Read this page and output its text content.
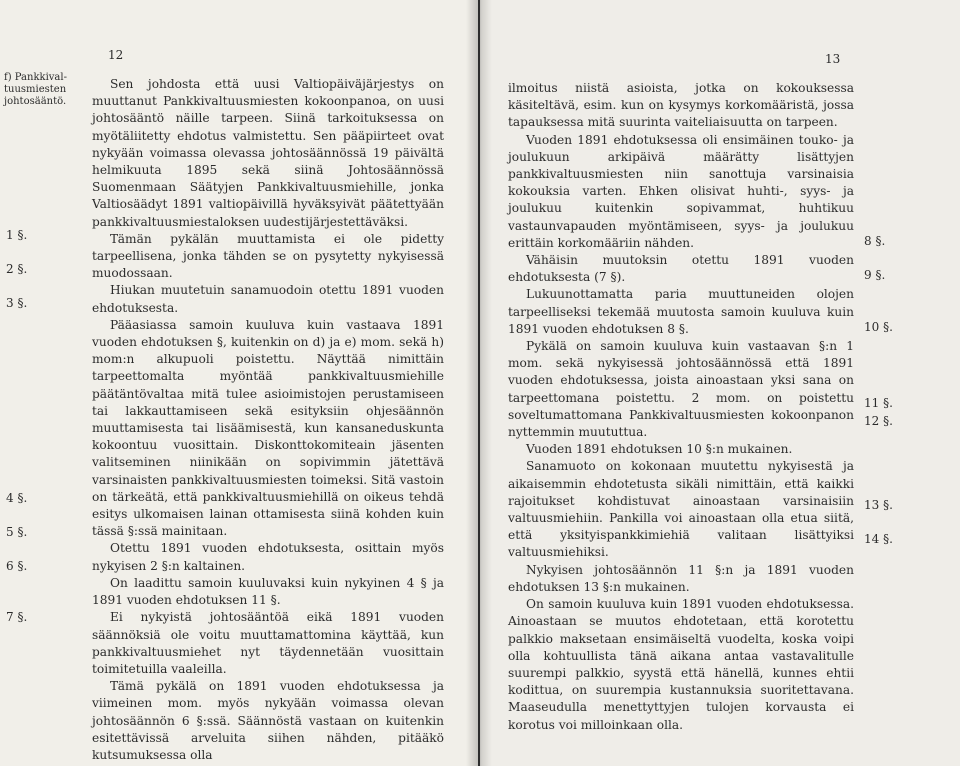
12
f) Pankkival-tuusmiesten johtosääntö.
1 §.
2 §.
3 §.
4 §.
5 §.
6 §.
7 §.

Sen johdosta että uusi Valtiopäiväjärjestys on muuttanut Pankkivaltuusmiesten kokoonpanoa, on uusi johtosääntö näille tarpeen. Siinä tarkoituksessa on myötäliitetty ehdotus valmistettu. Sen pääpiirteet ovat nykyään voimassa olevassa johtosäännössä 19 päivältä helmikuuta 1895 sekä siinä Johtosäännössä Suomenmaan Säätyjen Pankkivaltuusmiehille, jonka Valtiosäädyt 1891 valtiopäivillä hyväksyivät päätettyään pankkivaltuusmiestaloksen uudestijärjestettäväksi.

Tämän pykälän muuttamista ei ole pidetty tarpeellisena, jonka tähden se on pysytetty nykyisessä muodossaan.

Hiukan muutetuin sanamuodoin otettu 1891 vuoden ehdotuksesta.

Pääasiassa samoin kuuluva kuin vastaava 1891 vuoden ehdotuksen §, kuitenkin on d) ja e) mom. sekä h) mom:n alkupuoli poistettu. Näyttää nimittäin tarpeettomalta myöntää pankkivaltuusmiehille päätäntövaltaa mitä tulee asioimistojen perustamiseen tai lakkauttamiseen sekä esityksiin ohjesäännön muuttamisesta tai lisäämisestä, kun kansaneduskunta kokoontuu vuosittain. Diskonttokomiteain jäsenten valitseminen niinikään on sopivimmin jätettävä varsinaisten pankkivaltuusmiesten toimeksi. Sitä vastoin on tärkeätä, että pankkivaltuusmiehillä on oikeus tehdä esitys ulkomaisen lainan ottamisesta siinä kohden kuin tässä §:ssä mainitaan.

Otettu 1891 vuoden ehdotuksesta, osittain myös nykyisen 2 §:n kaltainen.

On laadittu samoin kuuluvaksi kuin nykyinen 4 § ja 1891 vuoden ehdotuksen 11 §.

Ei nykyistä johtosääntöä eikä 1891 vuoden säännöksiä ole voitu muuttamattomina käyttää, kun pankkivaltuusmiehet nyt täydennetään vuosittain toimitetuilla vaaleilla.

Tämä pykälä on 1891 vuoden ehdotuksessa ja viimeinen mom. myös nykyään voimassa olevan johtosäännön 6 §:ssä. Säännöstä vastaan on kuitenkin esitettävissä arveluita siihen nähden, pitääkö kutsumuksessa olla

13
8 §.
9 §.
10 §.
11 §.
12 §.
13 §.
14 §.

ilmoitus niistä asioista, jotka on kokouksessa käsiteltävä, esim. kun on kysymys korkomääristä, jossa tapauksessa mitä suurinta vaiteliaisuutta on tarpeen.

Vuoden 1891 ehdotuksessa oli ensimäinen touko- ja joulukuun arkipäivä määrätty lisättyjen pankkivaltuusmiesten niin sanottuja varsinaisia kokouksia varten. Ehken olisivat huhti-, syys- ja joulukuu kuitenkin sopivammat, huhtikuu vastaunvapauden myöntämiseen, syys- ja joulukuu erittäin korkomääriin nähden.

Vähäisin muutoksin otettu 1891 vuoden ehdotuksesta (7 §).

Lukuunottamatta paria muuttuneiden olojen tarpeelliseksi tekemää muutosta samoin kuuluva kuin 1891 vuoden ehdotuksen 8 §.

Pykälä on samoin kuuluva kuin vastaavan §:n 1 mom. sekä nykyisessä johtosäännössä että 1891 vuoden ehdotuksessa, joista ainoastaan yksi sana on tarpeettomana poistettu. 2 mom. on poistettu soveltumattomana Pankkivaltuusmiesten kokoonpanon nyttemmin muututtua.

Vuoden 1891 ehdotuksen 10 §:n mukainen.

Sanamuoto on kokonaan muutettu nykyisestä ja aikaisemmin ehdotetusta sikäli nimittäin, että kaikki rajoitukset kohdistuvat ainoastaan varsinaisiin valtuusmiehiin. Pankilla voi ainoastaan olla etua siitä, että yksityispankkimiehiä valitaan lisättyiksi valtuusmiehiksi.

Nykyisen johtosäännön 11 §:n ja 1891 vuoden ehdotuksen 13 §:n mukainen.

On samoin kuuluva kuin 1891 vuoden ehdotuksessa. Ainoastaan se muutos ehdotetaan, että korotettu palkkio maksetaan ensimäiseltä vuodelta, koska voipi olla kohtuullista tänä aikana antaa vastavalitulle suurempi palkkio, syystä että hänellä, kunnes ehtii kodittua, on suurempia kustannuksia suoritettavana. Maaseudulla menettyttyjen tulojen korvausta ei korotus voi milloinkaan olla.
